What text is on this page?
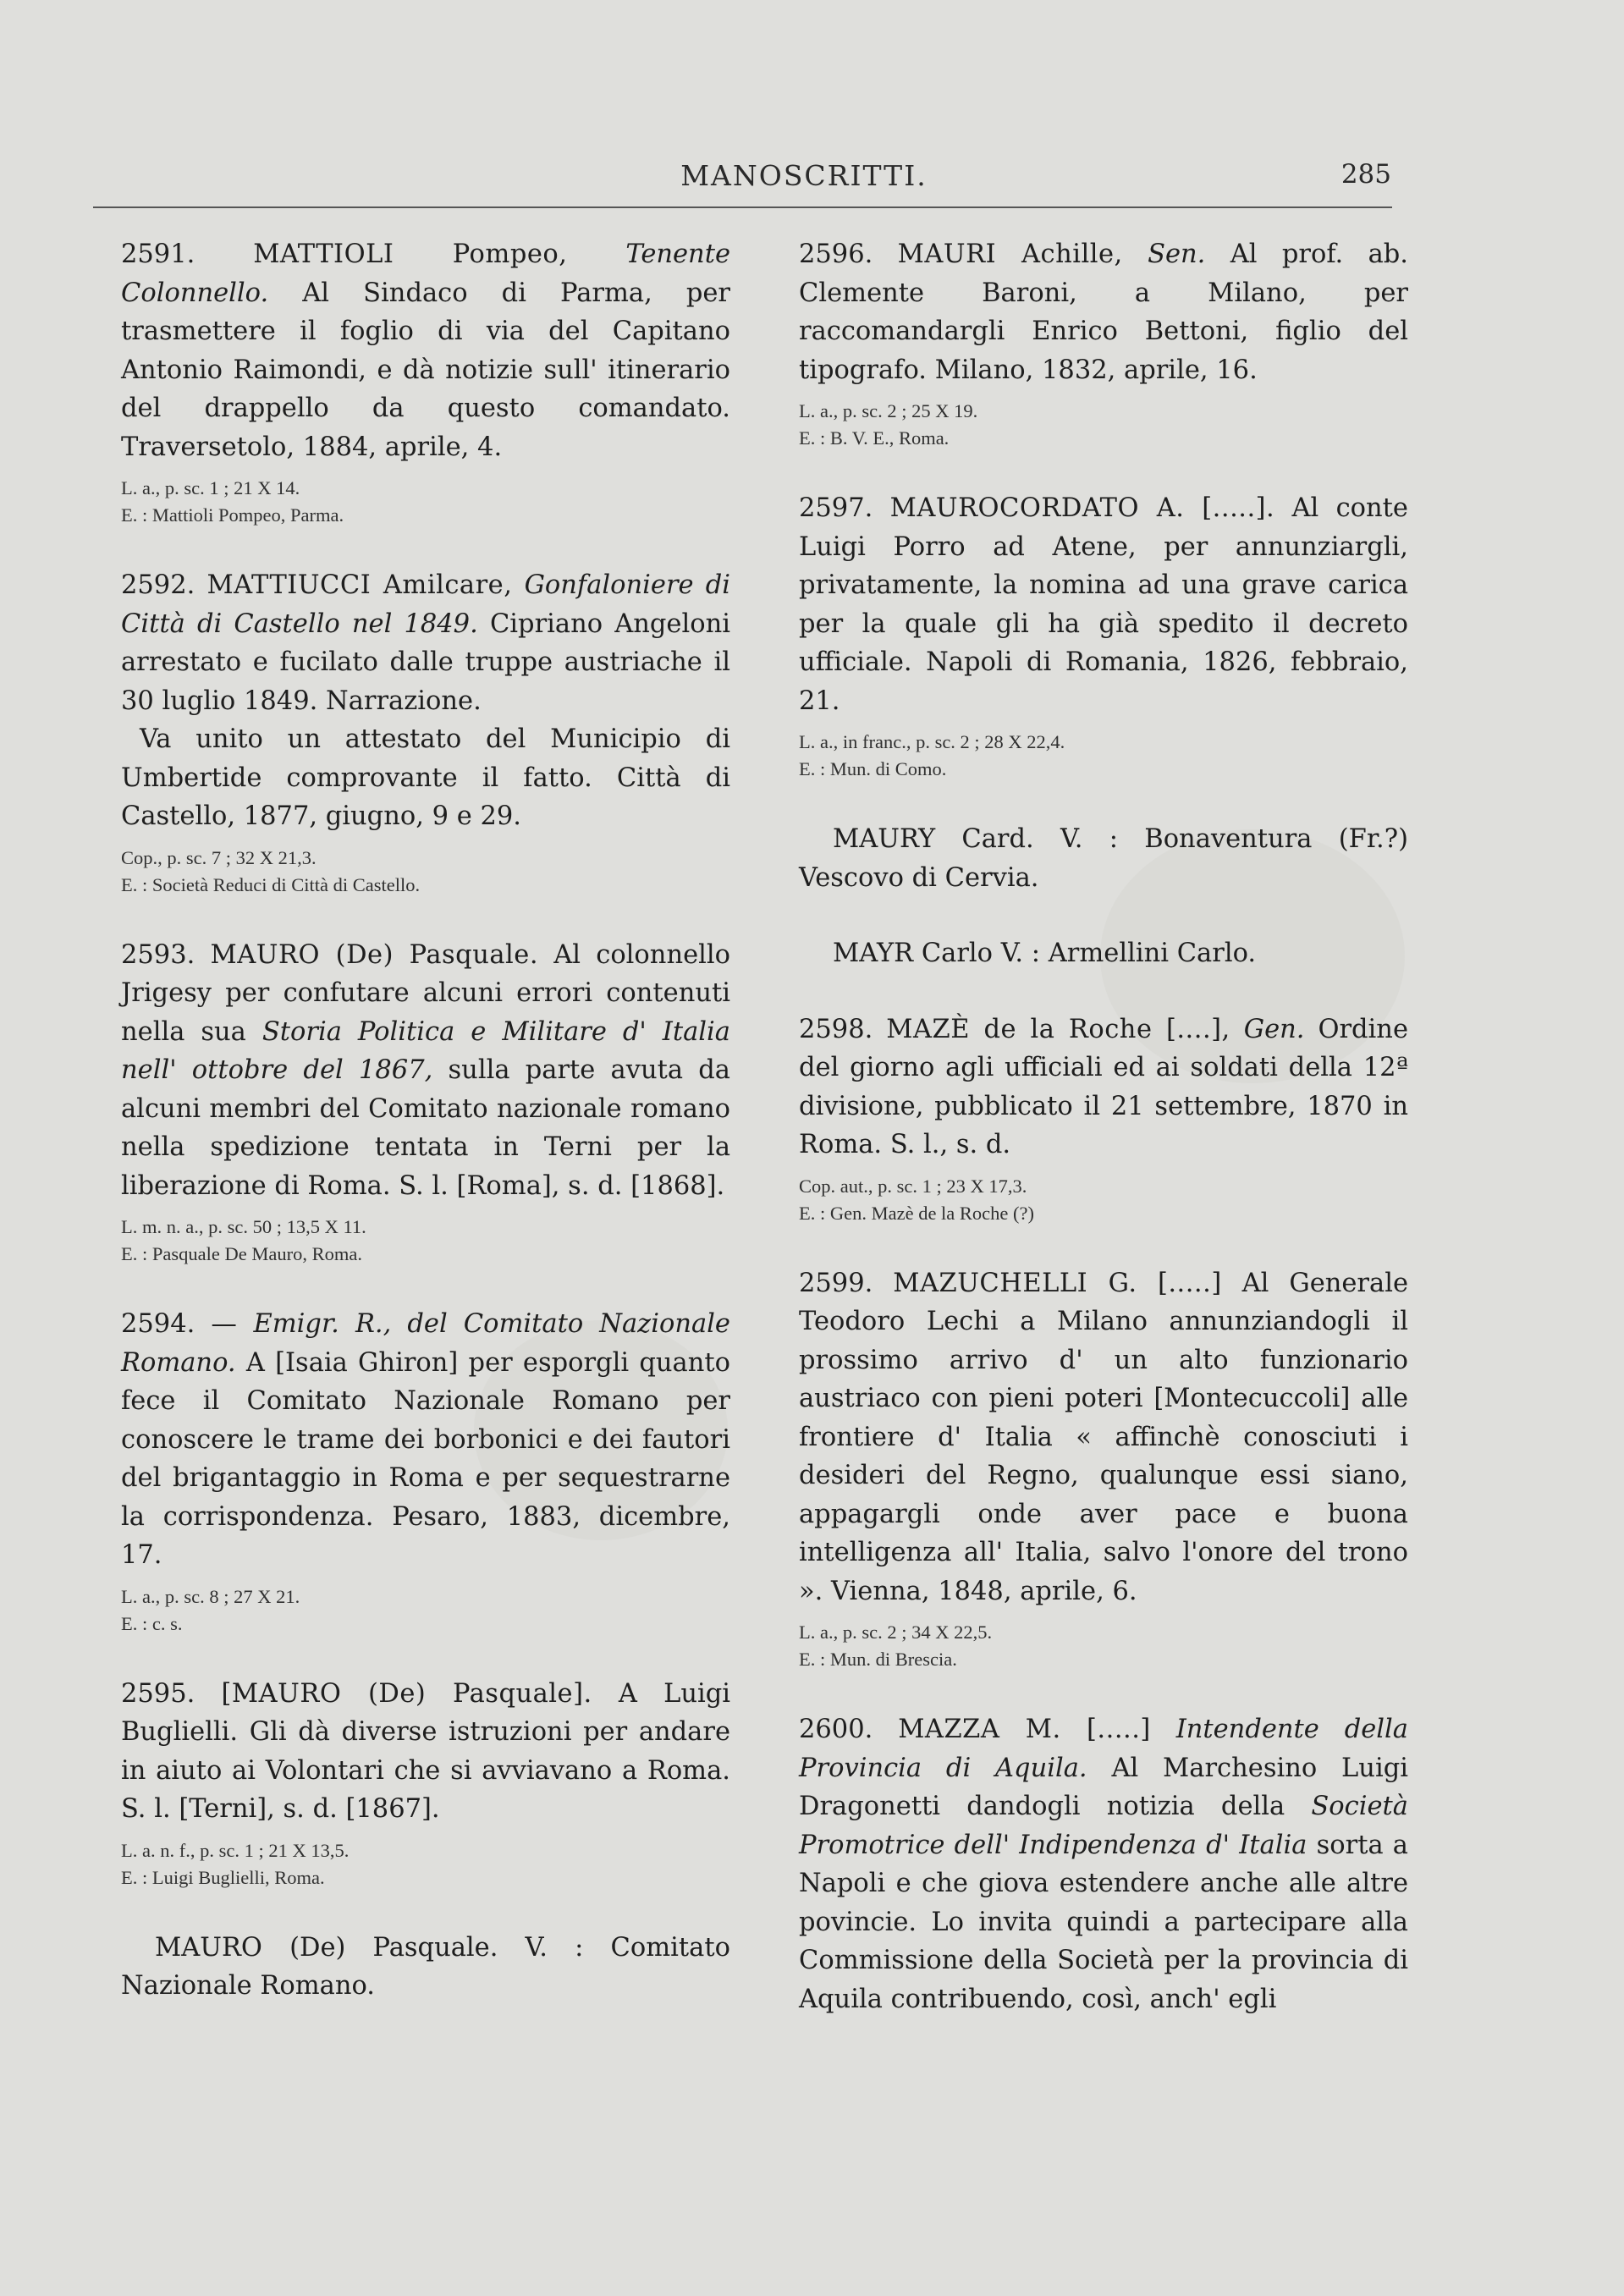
MANOSCRITTI.	285

2591. MATTIOLI Pompeo, Tenente Colonnello. Al Sindaco di Parma, per trasmettere il foglio di via del Capitano Antonio Raimondi, e dà notizie sull' itinerario del drappello da questo comandato. Traversetolo, 1884, aprile, 4.

L. a., p. sc. 1 ; 21 X 14.
E. : Mattioli Pompeo, Parma.

2592. MATTIUCCI Amilcare, Gonfaloniere di Città di Castello nel 1849. Cipriano Angeloni arrestato e fucilato dalle truppe austriache il 30 luglio 1849. Narrazione.

Va unito un attestato del Municipio di Umbertide comprovante il fatto. Città di Castello, 1877, giugno, 9 e 29.

Cop., p. sc. 7 ; 32 X 21,3.
E. : Società Reduci di Città di Castello.

2593. MAURO (De) Pasquale. Al colonnello Jrigesy per confutare alcuni errori contenuti nella sua Storia Politica e Militare d' Italia nell' ottobre del 1867, sulla parte avuta da alcuni membri del Comitato nazionale romano nella spedizione tentata in Terni per la liberazione di Roma. S. l. [Roma], s. d. [1868].

L. m. n. a., p. sc. 50 ; 13,5 X 11.
E. : Pasquale De Mauro, Roma.

2594. — Emigr. R., del Comitato Nazionale Romano. A [Isaia Ghiron] per esporgli quanto fece il Comitato Nazionale Romano per conoscere le trame dei borbonici e dei fautori del brigantaggio in Roma e per sequestrarne la corrispondenza. Pesaro, 1883, dicembre, 17.

L. a., p. sc. 8 ; 27 X 21.
E. : c. s.

2595. [MAURO (De) Pasquale]. A Luigi Buglielli. Gli dà diverse istruzioni per andare in aiuto ai Volontari che si avviavano a Roma. S. l. [Terni], s. d. [1867].

L. a. n. f., p. sc. 1 ; 21 X 13,5.
E. : Luigi Buglielli, Roma.

MAURO (De) Pasquale. V. : Comitato Nazionale Romano.

2596. MAURI Achille, Sen. Al prof. ab. Clemente Baroni, a Milano, per raccomandargli Enrico Bettoni, figlio del tipografo. Milano, 1832, aprile, 16.

L. a., p. sc. 2 ; 25 X 19.
E. : B. V. E., Roma.

2597. MAUROCORDATO A. [.....]. Al conte Luigi Porro ad Atene, per annunziargli, privatamente, la nomina ad una grave carica per la quale gli ha già spedito il decreto ufficiale. Napoli di Romania, 1826, febbraio, 21.

L. a., in franc., p. sc. 2 ; 28 X 22,4.
E. : Mun. di Como.

MAURY Card. V. : Bonaventura (Fr.?) Vescovo di Cervia.

MAYR Carlo V. : Armellini Carlo.

2598. MAZÈ de la Roche [....], Gen. Ordine del giorno agli ufficiali ed ai soldati della 12ª divisione, pubblicato il 21 settembre, 1870 in Roma. S. l., s. d.

Cop. aut., p. sc. 1 ; 23 X 17,3.
E. : Gen. Mazè de la Roche (?)

2599. MAZUCHELLI G. [.....] Al Generale Teodoro Lechi a Milano annunziandogli il prossimo arrivo d' un alto funzionario austriaco con pieni poteri [Montecuccoli] alle frontiere d' Italia « affinchè conosciuti i desideri del Regno, qualunque essi siano, appagargli onde aver pace e buona intelligenza all' Italia, salvo l'onore del trono ». Vienna, 1848, aprile, 6.

L. a., p. sc. 2 ; 34 X 22,5.
E. : Mun. di Brescia.

2600. MAZZA M. [.....] Intendente della Provincia di Aquila. Al Marchesino Luigi Dragonetti dandogli notizia della Società Promotrice dell' Indipendenza d' Italia sorta a Napoli e che giova estendere anche alle altre povincie. Lo invita quindi a partecipare alla Commissione della Società per la provincia di Aquila contribuendo, così, anch' egli
